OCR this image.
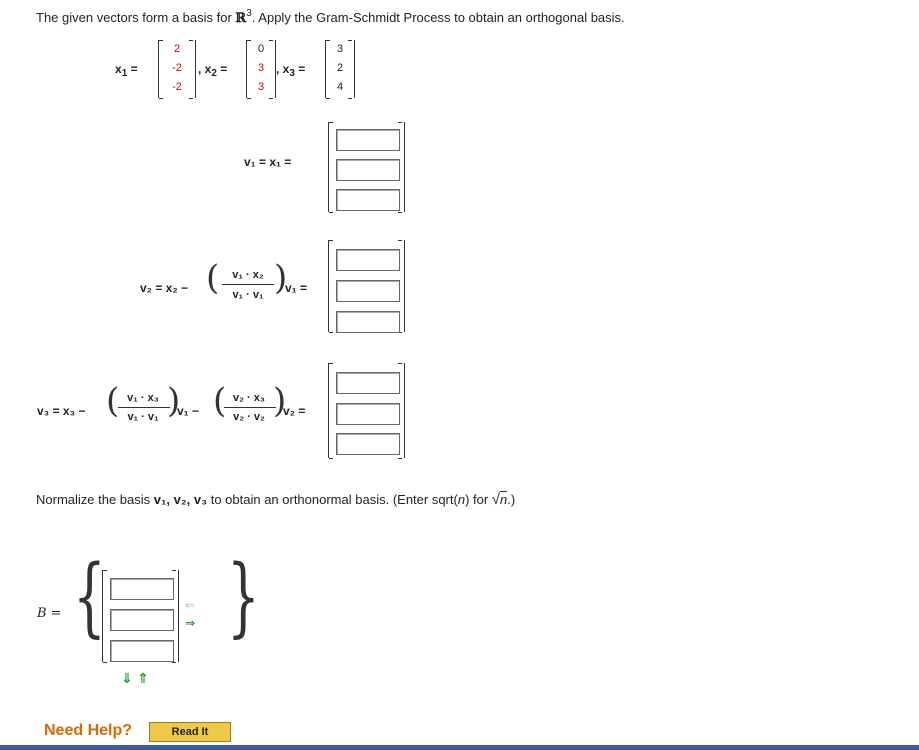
The given vectors form a basis for ℝ$^3$. Apply the Gram-Schmidt Process to obtain an orthogonal basis.
$x_1$ =
2
-2
-2
, $x_2$ =
0
3
3
, $x_3$ =
3
2
4
v₁ = x₁ =
v₂ = x₂ − (	v₁ · x₂
v₁ · v₁ )
v₁ =
v₃ = x₃ − ( v₁ · x₃
v₁ · v₁ )
v₁ − ( v₂ · x₃
v₂ · v₂ )
v₂ =
Normalize the basis v₁, v₂, v₃ to obtain an orthonormal basis. (Enter sqrt(n) for √n.)
B = { }
⇐
⇒
⇓ ⇑
Need Help?	Read It
